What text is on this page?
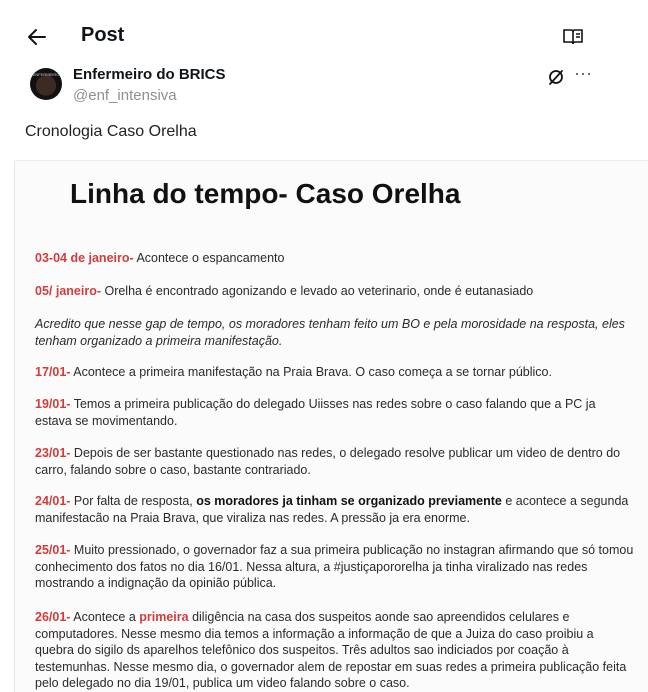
Post
ENFERMEIRO Enfermeiro do BRICS
@enf_intensiva
⋯
Cronologia Caso Orelha
Linha do tempo- Caso Orelha
03-04 de janeiro- Acontece o espancamento
05/ janeiro- Orelha é encontrado agonizando e levado ao veterinario, onde é eutanasiado
Acredito que nesse gap de tempo, os moradores tenham feito um BO e pela morosidade na resposta, eles tenham organizado a primeira manifestação.
17/01- Acontece a primeira manifestação na Praia Brava. O caso começa a se tornar público.
19/01- Temos a primeira publicação do delegado Uiisses nas redes sobre o caso falando que a PC ja estava se movimentando.
23/01- Depois de ser bastante questionado nas redes, o delegado resolve publicar um video de dentro do carro, falando sobre o caso, bastante contrariado.
24/01- Por falta de resposta, os moradores ja tinham se organizado previamente e acontece a segunda manifestacão na Praia Brava, que viraliza nas redes. A pressão ja era enorme.
25/01- Muito pressionado, o governador faz a sua primeira publicação no instagran afirmando que só tomou conhecimento dos fatos no dia 16/01. Nessa altura, a #justiçapororelha ja tinha viralizado nas redes mostrando a indignação da opinião pública.
26/01- Acontece a primeira diligência na casa dos suspeitos aonde sao apreendidos celulares e computadores. Nesse mesmo dia temos a informação a informação de que a Juiza do caso proibiu a quebra do sigilo ds aparelhos telefônico dos suspeitos. Três adultos sao indiciados por coação à testemunhas. Nesse mesmo dia, o governador alem de repostar em suas redes a primeira publicação feita pelo delegado no dia 19/01, publica um video falando sobre o caso.
